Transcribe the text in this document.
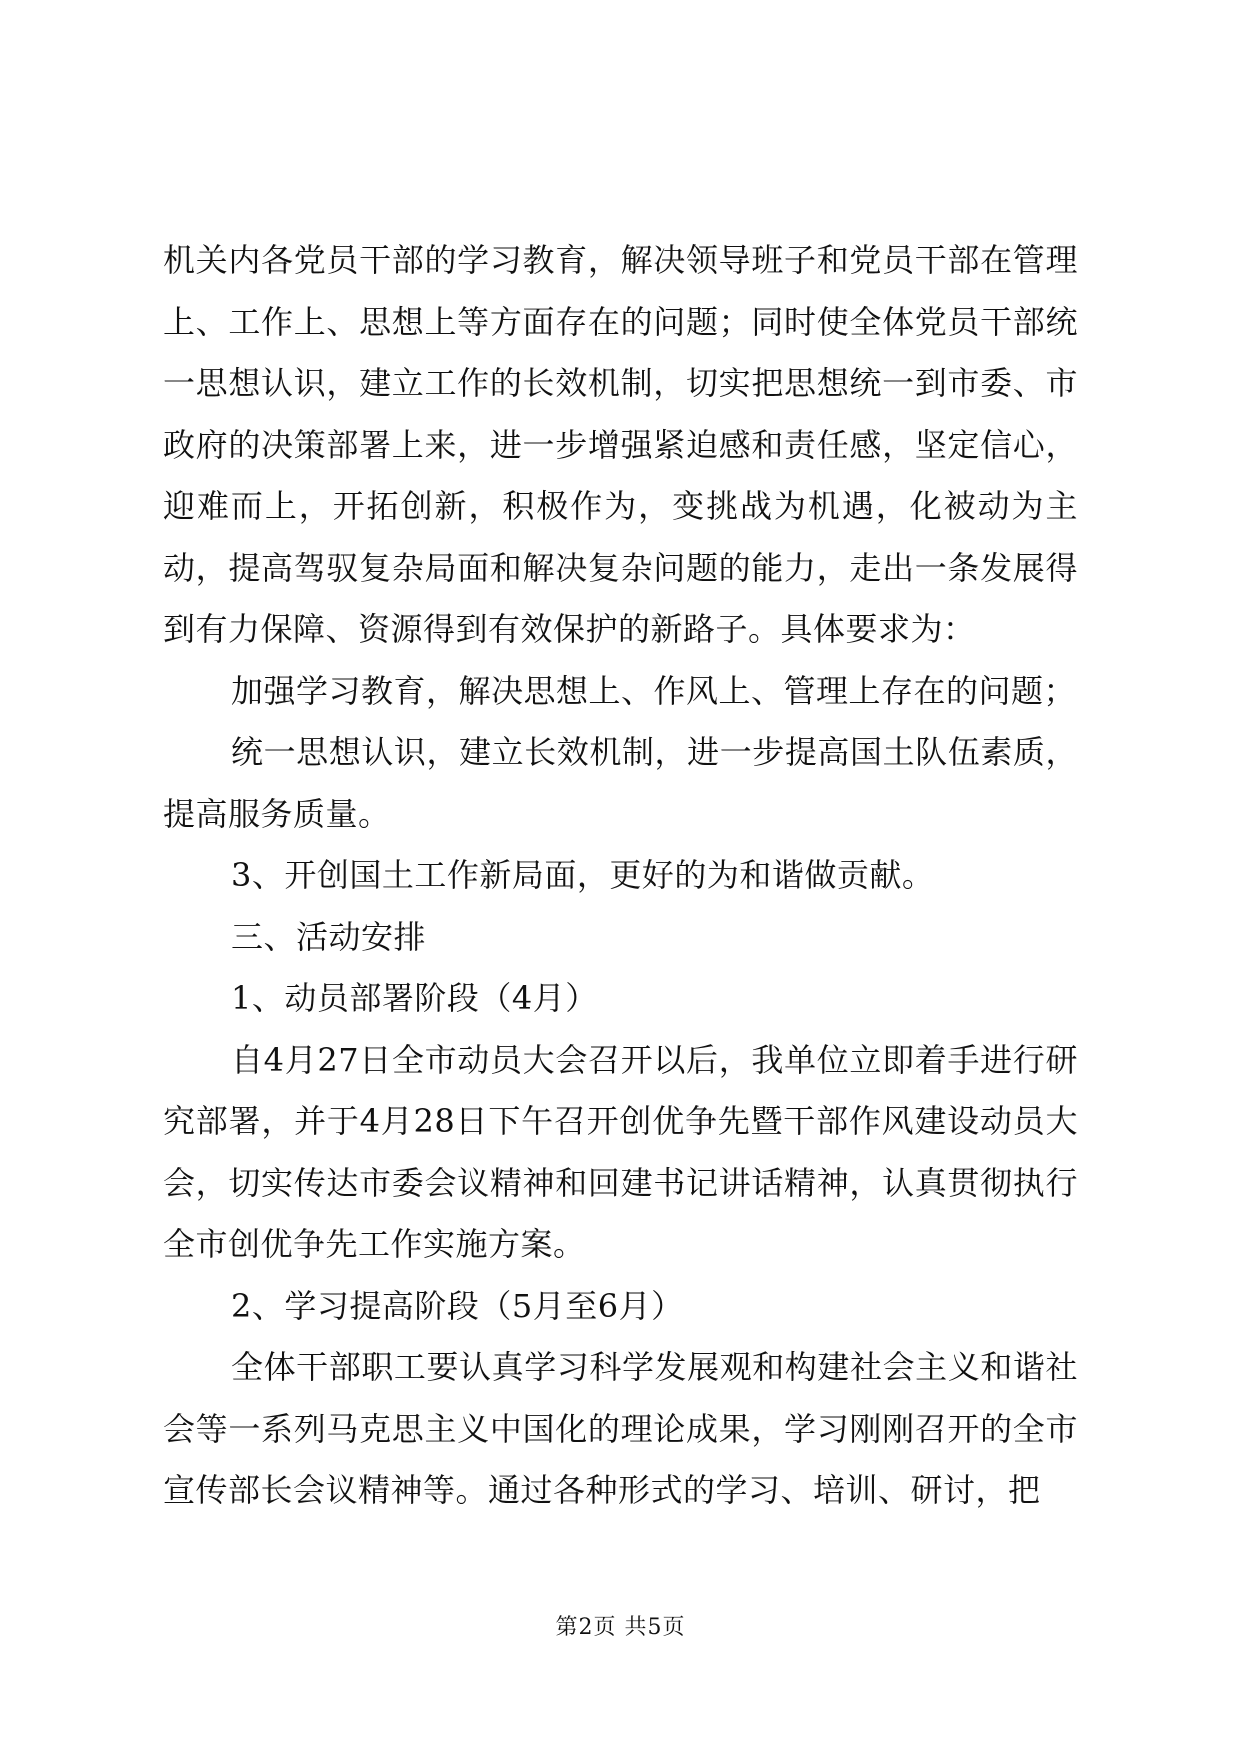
机关内各党员干部的学习教育，解决领导班子和党员干部在管理上、工作上、思想上等方面存在的问题；同时使全体党员干部统一思想认识，建立工作的长效机制，切实把思想统一到市委、市政府的决策部署上来，进一步增强紧迫感和责任感，坚定信心，迎难而上，开拓创新，积极作为，变挑战为机遇，化被动为主动，提高驾驭复杂局面和解决复杂问题的能力，走出一条发展得到有力保障、资源得到有效保护的新路子。具体要求为：

加强学习教育，解决思想上、作风上、管理上存在的问题；

统一思想认识，建立长效机制，进一步提高国土队伍素质，提高服务质量。

3、开创国土工作新局面，更好的为和谐做贡献。

三、活动安排

1、动员部署阶段（4月）

自4月27日全市动员大会召开以后，我单位立即着手进行研究部署，并于4月28日下午召开创优争先暨干部作风建设动员大会，切实传达市委会议精神和回建书记讲话精神，认真贯彻执行全市创优争先工作实施方案。

2、学习提高阶段（5月至6月）

全体干部职工要认真学习科学发展观和构建社会主义和谐社会等一系列马克思主义中国化的理论成果，学习刚刚召开的全市宣传部长会议精神等。通过各种形式的学习、培训、研讨，把

第2页 共5页
